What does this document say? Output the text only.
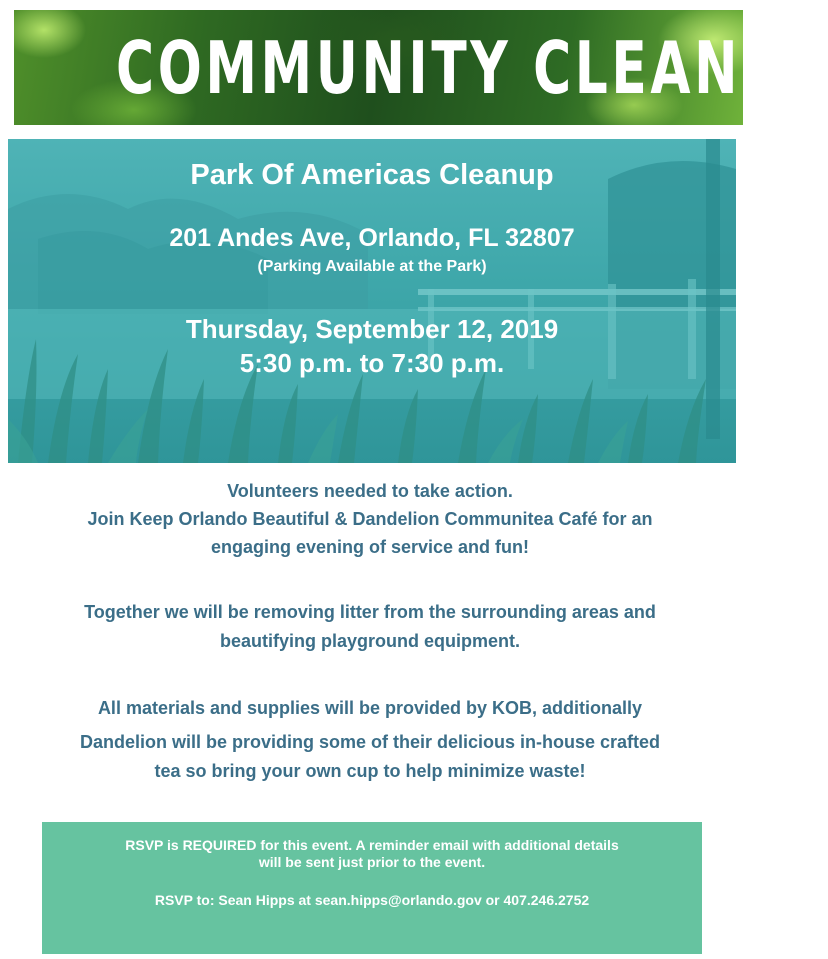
COMMUNITY CLEANUP
Park Of Americas Cleanup
201 Andes Ave, Orlando, FL 32807
(Parking Available at the Park)
Thursday, September 12, 2019
5:30 p.m. to 7:30 p.m.
Volunteers needed to take action.
Join Keep Orlando Beautiful & Dandelion Communitea Café for an
engaging evening of service and fun!
Together we will be removing litter from the surrounding areas and
beautifying playground equipment.
All materials and supplies will be provided by KOB, additionally
Dandelion will be providing some of their delicious in-house crafted
tea so bring your own cup to help minimize waste!
RSVP is REQUIRED for this event. A reminder email with additional details
will be sent just prior to the event.
RSVP to: Sean Hipps at sean.hipps@orlando.gov or 407.246.2752
